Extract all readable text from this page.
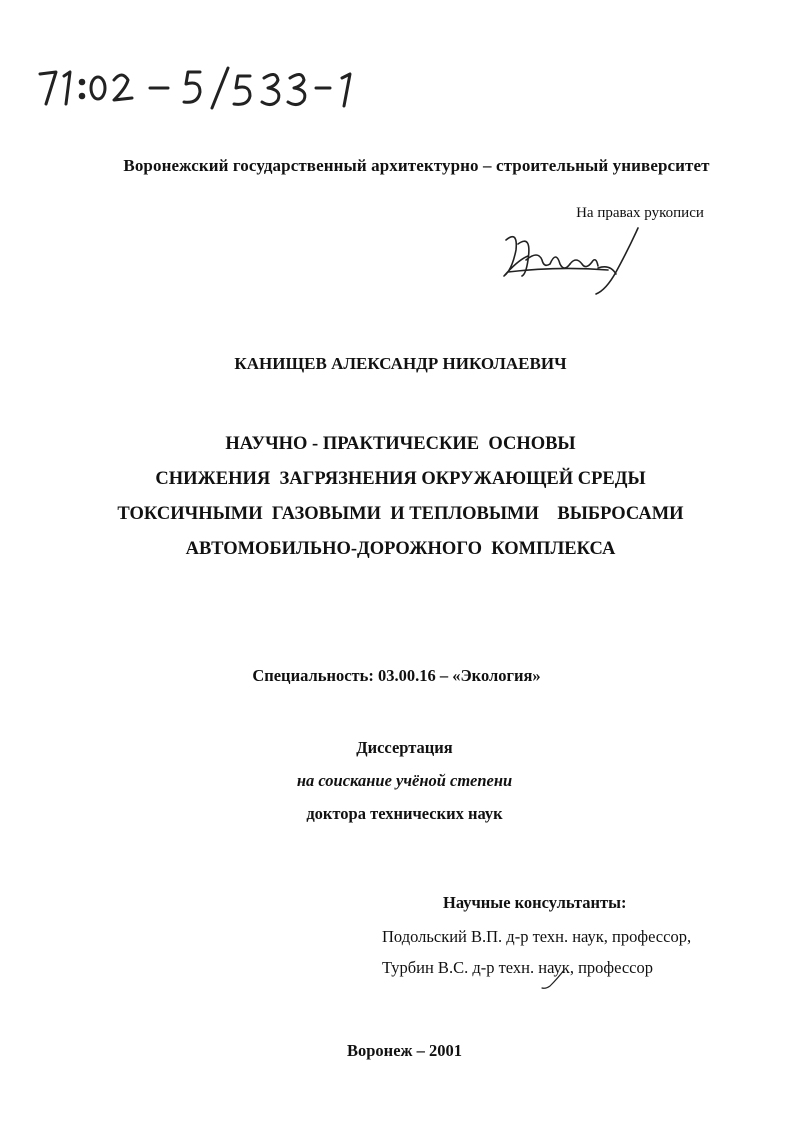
Воронежский государственный архитектурно – строительный университет
На правах рукописи
КАНИЩЕВ АЛЕКСАНДР НИКОЛАЕВИЧ
НАУЧНО - ПРАКТИЧЕСКИЕ  ОСНОВЫ
СНИЖЕНИЯ  ЗАГРЯЗНЕНИЯ ОКРУЖАЮЩЕЙ СРЕДЫ
ТОКСИЧНЫМИ  ГАЗОВЫМИ  И ТЕПЛОВЫМИ    ВЫБРОСАМИ
АВТОМОБИЛЬНО-ДОРОЖНОГО  КОМПЛЕКСА
Специальность: 03.00.16 – «Экология»
Диссертация
на соискание учёной степени
доктора технических наук
Научные консультанты:
Подольский В.П. д-р техн. наук, профессор,
Турбин В.С. д-р техн. наук, профессор
Воронеж – 2001
